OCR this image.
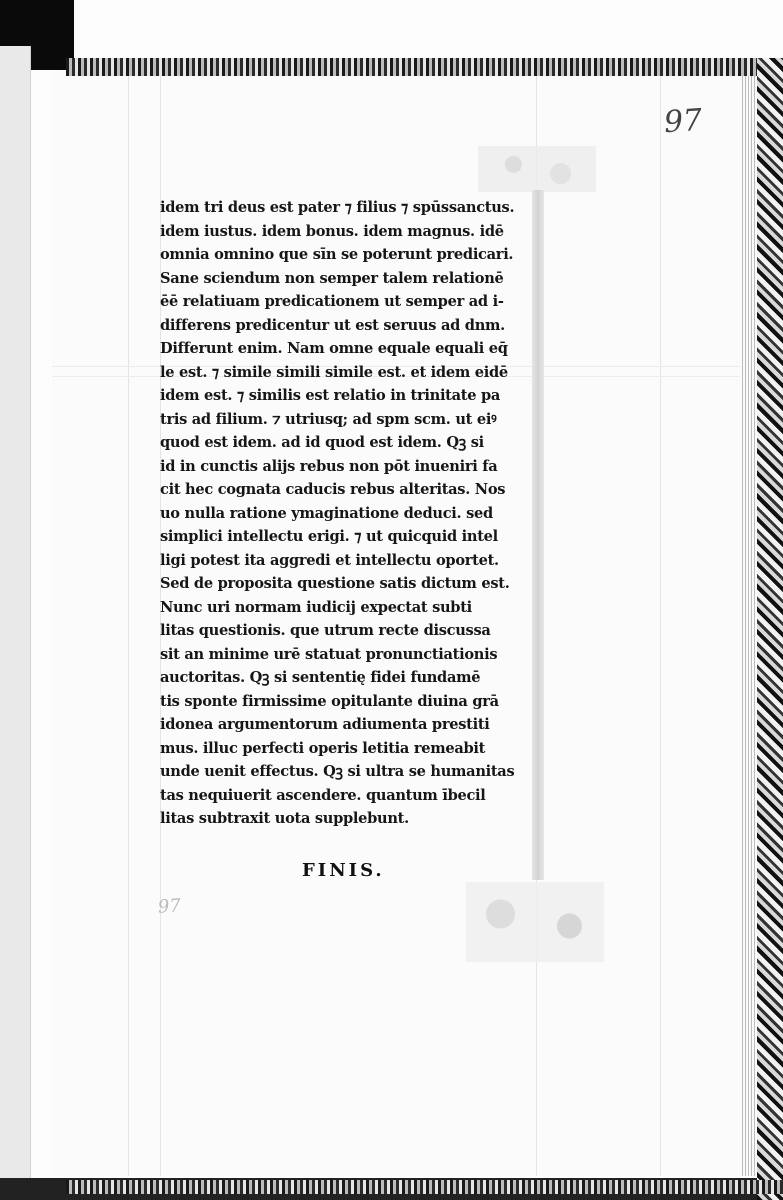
97
97
idem tri deus est pater ⁊ filius ⁊ spūssanctus.
idem iustus. idem bonus. idem magnus. idē
omnia omnino que sīn se poterunt predicari.
Sane sciendum non semper talem relationē
ēē relatiuam predicationem ut semper ad i-
differens predicentur ut est seruus ad dnm.
Differunt enim. Nam omne equale equali eq̄
le est. ⁊ simile simili simile est. et idem eidē
idem est. ⁊ similis est relatio in trinitate pa
tris ad filium. ⁊ utriusq; ad spm scm. ut eiꝰ
quod est idem. ad id quod est idem. Qꝫ si
id in cunctis alijs rebus non pōt inueniri fa
cit hec cognata caducis rebus alteritas. Nos
uo nulla ratione ymaginatione deduci. sed
simplici intellectu erigi. ⁊ ut quicquid intel
ligi potest ita aggredi et intellectu oportet.
Sed de proposita questione satis dictum est.
Nunc uri normam iudicij expectat subti
litas questionis. que utrum recte discussa
sit an minime urē statuat pronunctiationis
auctoritas. Qꝫ si sententię fidei fundamē
tis sponte firmissime opitulante diuina grā
idonea argumentorum adiumenta prestiti
mus. illuc perfecti operis letitia remeabit
unde uenit effectus. Qꝫ si ultra se humanitas
tas nequiuerit ascendere. quantum ībecil
litas subtraxit uota supplebunt.
FINIS.
